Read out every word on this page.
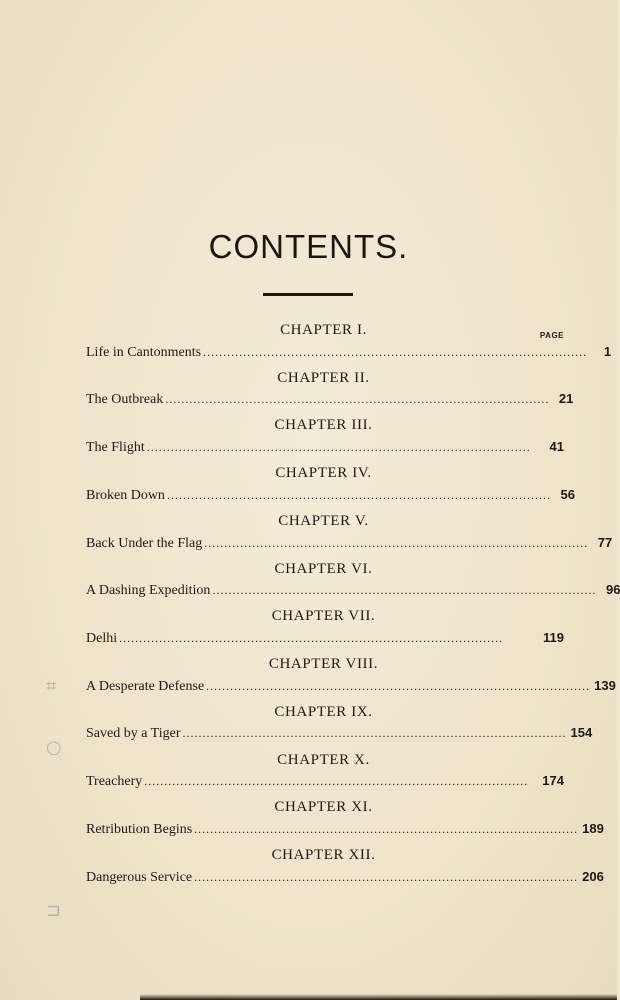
CONTENTS.
PAGE
CHAPTER I.
Life in Cantonments ................................................................................................	1
CHAPTER II.
The Outbreak ................................................................................................ 21
CHAPTER III.
The Flight ................................................................................................	41
CHAPTER IV.
Broken Down ................................................................................................ 56
CHAPTER V.
Back Under the Flag ................................................................................................ 77
CHAPTER VI.
A Dashing Expedition ................................................................................................ 96
CHAPTER VII.
Delhi ................................................................................................	119
CHAPTER VIII.
A Desperate Defense ................................................................................................ 139
CHAPTER IX.
Saved by a Tiger ................................................................................................ 154
CHAPTER X.
Treachery ................................................................................................	174
CHAPTER XI.
Retribution Begins ................................................................................................ 189
CHAPTER XII.
Dangerous Service ................................................................................................ 206
⌗
○
⊐
